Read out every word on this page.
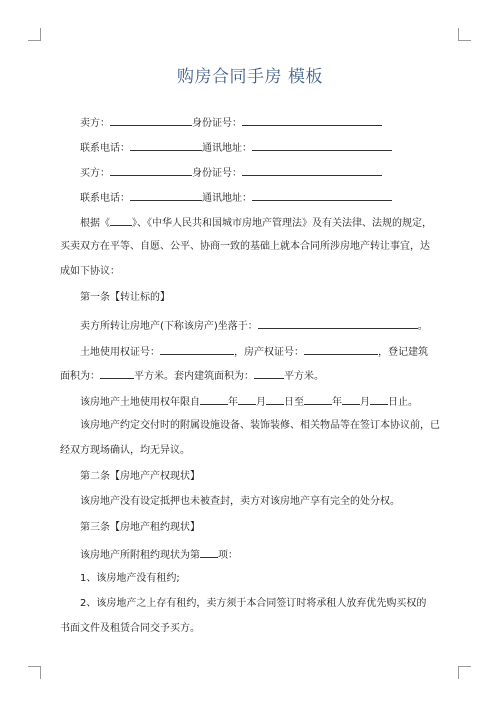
购房合同手房 模板
卖方：	身份证号：
联系电话：	通讯地址：
买方：	身份证号：
联系电话：	通讯地址：
根据《 》、《中华人民共和国城市房地产管理法》及有关法律、法规的规定，
买卖双方在平等、自愿、公平、协商一致的基础上就本合同所涉房地产转让事宜，达
成如下协议：
第一条【转让标的】
卖方所转让房地产(下称该房产)坐落于：	。
土地使用权证号：	，房产权证号：	，登记建筑
面积为：	平方米。套内建筑面积为：	平方米。
该房地产土地使用权年限自	年 月 日至	年 月 日止。
该房地产约定交付时的附属设施设备、装饰装修、相关物品等在签订本协议前，已
经双方现场确认，均无异议。
第二条【房地产产权现状】
该房地产没有设定抵押也未被查封，卖方对该房地产享有完全的处分权。
第三条【房地产租约现状】
该房地产所附租约现状为第 项：
1、该房地产没有租约;
2、该房地产之上存有租约，卖方须于本合同签订时将承租人放弃优先购买权的
书面文件及租赁合同交予买方。
